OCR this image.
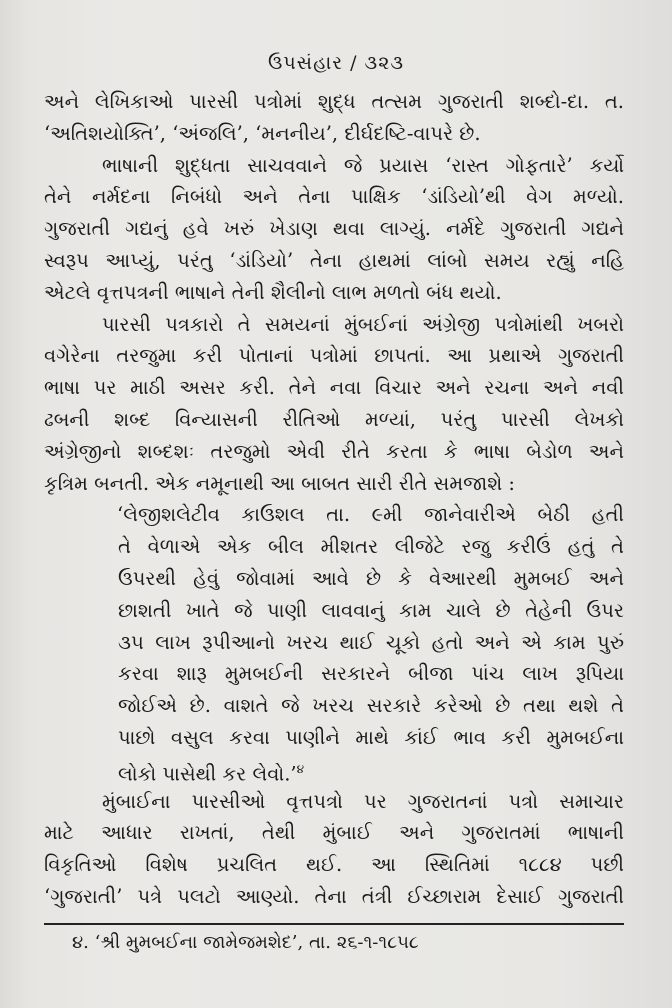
ઉપસંહાર / ૩૨૩
અને લેખિકાઓ પારસી પત્રોમાં શુદ્ધ તત્સમ ગુજરાતી શબ્દો-દા. ત.
‘અતિશયોક્તિ’, ‘અંજલિ’, ‘મનનીય’, દીર્ઘદષ્ટિ-વાપરે છે.
ભાષાની શુદ્ધતા સાચવવાને જે પ્રયાસ ‘રાસ્ત ગોફતારે’ કર્યો
તેને નર્મદના નિબંધો અને તેના પાક્ષિક ‘ડાંડિયો’થી વેગ મળ્યો.
ગુજરાતી ગદ્યનું હવે ખરું ખેડાણ થવા લાગ્યું. નર્મદે ગુજરાતી ગદ્યને
સ્વરૂપ આપ્યું, પરંતુ ‘ડાંડિયો’ તેના હાથમાં લાંબો સમય રહ્યું નહિ
એટલે વૃત્તપત્રની ભાષાને તેની શૈલીનો લાભ મળતો બંધ થયો.
પારસી પત્રકારો તે સમયનાં મુંબઈનાં અંગ્રેજી પત્રોમાંથી ખબરો
વગેરેના તરજુમા કરી પોતાનાં પત્રોમાં છાપતાં. આ પ્રથાએ ગુજરાતી
ભાષા પર માઠી અસર કરી. તેને નવા વિચાર અને રચના અને નવી
ઢબની શબ્દ વિન્યાસની રીતિઓ મળ્યાં, પરંતુ પારસી લેખકો
અંગ્રેજીનો શબ્દશઃ તરજુમો એવી રીતે કરતા કે ભાષા બેડોળ અને
કૃત્રિમ બનતી. એક નમૂનાથી આ બાબત સારી રીતે સમજાશે :
‘લેજીશલેટીવ કાઉશલ તા. ૯મી જાનેવારીએ બેઠી હતી
તે વેળાએ એક બીલ મીશતર લીજેટે રજુ કરીઉં હતું તે
ઉપરથી હેવું જોવામાં આવે છે કે વેઆરથી મુમબઈ અને
છાશતી ખાતે જે પાણી લાવવાનું કામ ચાલે છે તેહેની ઉપર
૩૫ લાખ રૂપીઆનો ખરચ થાઈ ચૂકો હતો અને એ કામ પુરું
કરવા શારૂ મુમબઈની સરકારને બીજા પાંચ લાખ રૂપિયા
જોઈએ છે. વાશતે જે ખરચ સરકારે કરેઓ છે તથા થશે તે
પાછો વસુલ કરવા પાણીને માથે કાંઈ ભાવ કરી મુમબઈના
લોકો પાસેથી કર લેવો.’$^૪$
મુંબાઈના પારસીઓ વૃત્તપત્રો પર ગુજરાતનાં પત્રો સમાચાર
માટે આધાર રાખતાં, તેથી મુંબાઈ અને ગુજરાતમાં ભાષાની
વિકૃતિઓ વિશેષ પ્રચલિત થઈ. આ સ્થિતિમાં ૧૮૮૪ પછી
‘ગુજરાતી’ પત્રે પલટો આણ્યો. તેના તંત્રી ઈચ્છારામ દેસાઈ ગુજરાતી
૪. ‘શ્રી મુમબઈના જામેજમશેદ’, તા. ૨૬-૧-૧૮૫૮
